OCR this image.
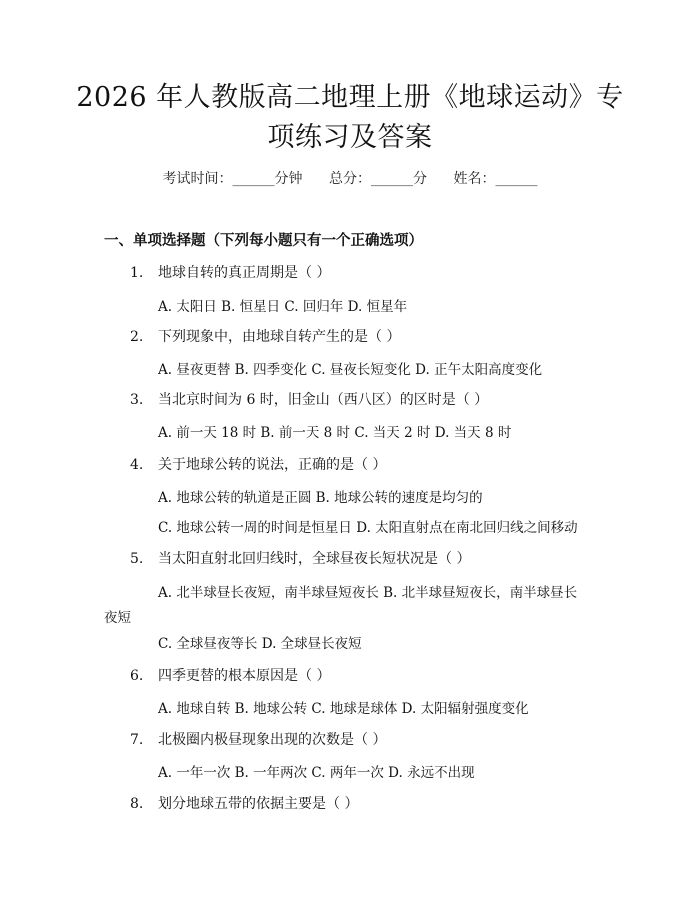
2026 年人教版高二地理上册《地球运动》专
项练习及答案
考试时间：______分钟 总分：______分 姓名：______
一、单项选择题（下列每小题只有一个正确选项）
1. 地球自转的真正周期是（ ）
A. 太阳日 B. 恒星日 C. 回归年 D. 恒星年
2. 下列现象中，由地球自转产生的是（ ）
A. 昼夜更替 B. 四季变化 C. 昼夜长短变化 D. 正午太阳高度变化
3. 当北京时间为 6 时，旧金山（西八区）的区时是（ ）
A. 前一天 18 时 B. 前一天 8 时 C. 当天 2 时 D. 当天 8 时
4. 关于地球公转的说法，正确的是（ ）
A. 地球公转的轨道是正圆 B. 地球公转的速度是均匀的
C. 地球公转一周的时间是恒星日 D. 太阳直射点在南北回归线之间移动
5. 当太阳直射北回归线时，全球昼夜长短状况是（ ）
A. 北半球昼长夜短，南半球昼短夜长 B. 北半球昼短夜长，南半球昼长
夜短
C. 全球昼夜等长 D. 全球昼长夜短
6. 四季更替的根本原因是（ ）
A. 地球自转 B. 地球公转 C. 地球是球体 D. 太阳辐射强度变化
7. 北极圈内极昼现象出现的次数是（ ）
A. 一年一次 B. 一年两次 C. 两年一次 D. 永远不出现
8. 划分地球五带的依据主要是（ ）
